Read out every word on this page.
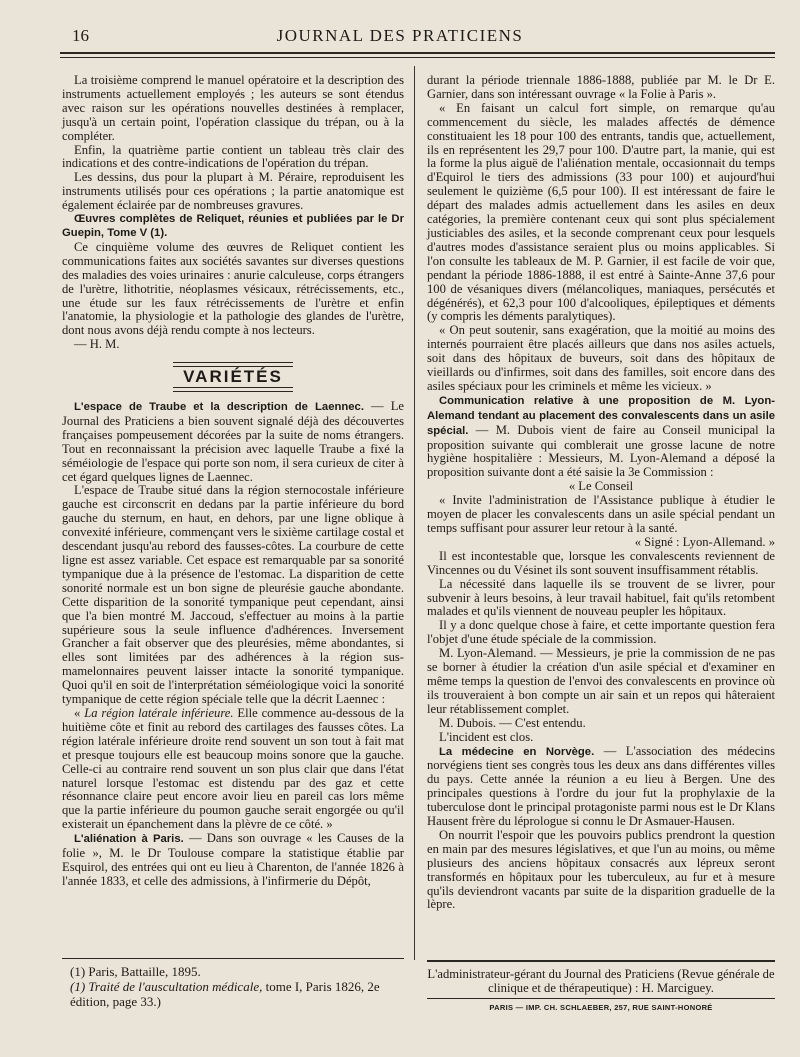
16	JOURNAL DES PRATICIENS

La troisième comprend le manuel opératoire et la description des instruments actuellement employés ; les auteurs se sont étendus avec raison sur les opérations nouvelles destinées à remplacer, jusqu'à un certain point, l'opération classique du trépan, ou à la compléter.

Enfin, la quatrième partie contient un tableau très clair des indications et des contre-indications de l'opération du trépan.

Les dessins, dus pour la plupart à M. Péraire, reproduisent les instruments utilisés pour ces opérations ; la partie anatomique est également éclairée par de nombreuses gravures.

Œuvres complètes de Reliquet, réunies et publiées par le Dr Guepin, Tome V (1).

Ce cinquième volume des œuvres de Reliquet contient les communications faites aux sociétés savantes sur diverses questions des maladies des voies urinaires : anurie calculeuse, corps étrangers de l'urètre, lithotritie, néoplasmes vésicaux, rétrécissements, etc., une étude sur les faux rétrécissements de l'urètre et enfin l'anatomie, la physiologie et la pathologie des glandes de l'urètre, dont nous avons déjà rendu compte à nos lecteurs.

— H. M.

VARIÉTÉS

L'espace de Traube et la description de Laennec. — Le Journal des Praticiens a bien souvent signalé déjà des découvertes françaises pompeusement décorées par la suite de noms étrangers. Tout en reconnaissant la précision avec laquelle Traube a fixé la séméiologie de l'espace qui porte son nom, il sera curieux de citer à cet égard quelques lignes de Laennec.

L'espace de Traube situé dans la région sternocostale inférieure gauche est circonscrit en dedans par la partie inférieure du bord gauche du sternum, en haut, en dehors, par une ligne oblique à convexité inférieure, commençant vers le sixième cartilage costal et descendant jusqu'au rebord des fausses-côtes. La courbure de cette ligne est assez variable. Cet espace est remarquable par sa sonorité tympanique due à la présence de l'estomac. La disparition de cette sonorité normale est un bon signe de pleurésie gauche abondante. Cette disparition de la sonorité tympanique peut cependant, ainsi que l'a bien montré M. Jaccoud, s'effectuer au moins à la partie supérieure sous la seule influence d'adhérences. Inversement Grancher a fait observer que des pleurésies, même abondantes, si elles sont limitées par des adhérences à la région sus-mamelonnaires peuvent laisser intacte la sonorité tympanique. Quoi qu'il en soit de l'interprétation séméiologique voici la sonorité tympanique de cette région spéciale telle que la décrit Laennec :

« La région latérale inférieure. Elle commence au-dessous de la huitième côte et finit au rebord des cartilages des fausses côtes. La région latérale inférieure droite rend souvent un son tout à fait mat et presque toujours elle est beaucoup moins sonore que la gauche. Celle-ci au contraire rend souvent un son plus clair que dans l'état naturel lorsque l'estomac est distendu par des gaz et cette résonnance claire peut encore avoir lieu en pareil cas lors même que la partie inférieure du poumon gauche serait engorgée ou qu'il existerait un épanchement dans la plèvre de ce côté. »

L'aliénation à Paris. — Dans son ouvrage « les Causes de la folie », M. le Dr Toulouse compare la statistique établie par Esquirol, des entrées qui ont eu lieu à Charenton, de l'année 1826 à l'année 1833, et celle des admissions, à l'infirmerie du Dépôt,

durant la période triennale 1886-1888, publiée par M. le Dr E. Garnier, dans son intéressant ouvrage « la Folie à Paris ».

« En faisant un calcul fort simple, on remarque qu'au commencement du siècle, les malades affectés de démence constituaient les 18 pour 100 des entrants, tandis que, actuellement, ils en représentent les 29,7 pour 100. D'autre part, la manie, qui est la forme la plus aiguë de l'aliénation mentale, occasionnait du temps d'Equirol le tiers des admissions (33 pour 100) et aujourd'hui seulement le quizième (6,5 pour 100). Il est intéressant de faire le départ des malades admis actuellement dans les asiles en deux catégories, la première contenant ceux qui sont plus spécialement justiciables des asiles, et la seconde comprenant ceux pour lesquels d'autres modes d'assistance seraient plus ou moins applicables. Si l'on consulte les tableaux de M. P. Garnier, il est facile de voir que, pendant la période 1886-1888, il est entré à Sainte-Anne 37,6 pour 100 de vésaniques divers (mélancoliques, maniaques, persécutés et dégénérés), et 62,3 pour 100 d'alcooliques, épileptiques et déments (y compris les déments paralytiques).

« On peut soutenir, sans exagération, que la moitié au moins des internés pourraient être placés ailleurs que dans nos asiles actuels, soit dans des hôpitaux de buveurs, soit dans des hôpitaux de vieillards ou d'infirmes, soit dans des familles, soit encore dans des asiles spéciaux pour les criminels et même les vicieux. »

Communication relative à une proposition de M. Lyon-Alemand tendant au placement des convalescents dans un asile spécial. — M. Dubois vient de faire au Conseil municipal la proposition suivante qui comblerait une grosse lacune de notre hygiène hospitalière : Messieurs, M. Lyon-Alemand a déposé la proposition suivante dont a été saisie la 3e Commission :

« Le Conseil

« Invite l'administration de l'Assistance publique à étudier le moyen de placer les convalescents dans un asile spécial pendant un temps suffisant pour assurer leur retour à la santé.

« Signé : Lyon-Allemand. »

Il est incontestable que, lorsque les convalescents reviennent de Vincennes ou du Vésinet ils sont souvent insuffisamment rétablis.

La nécessité dans laquelle ils se trouvent de se livrer, pour subvenir à leurs besoins, à leur travail habituel, fait qu'ils retombent malades et qu'ils viennent de nouveau peupler les hôpitaux.

Il y a donc quelque chose à faire, et cette importante question fera l'objet d'une étude spéciale de la commission.

M. Lyon-Alemand. — Messieurs, je prie la commission de ne pas se borner à étudier la création d'un asile spécial et d'examiner en même temps la question de l'envoi des convalescents en province où ils trouveraient à bon compte un air sain et un repos qui hâteraient leur rétablissement complet.

M. Dubois. — C'est entendu.

L'incident est clos.

La médecine en Norvège. — L'association des médecins norvégiens tient ses congrès tous les deux ans dans différentes villes du pays. Cette année la réunion a eu lieu à Bergen. Une des principales questions à l'ordre du jour fut la prophylaxie de la tuberculose dont le principal protagoniste parmi nous est le Dr Klans Hausent frère du léprologue si connu le Dr Asmauer-Hausen.

On nourrit l'espoir que les pouvoirs publics prendront la question en main par des mesures législatives, et que l'un au moins, ou même plusieurs des anciens hôpitaux consacrés aux lépreux seront transformés en hôpitaux pour les tuberculeux, au fur et à mesure qu'ils deviendront vacants par suite de la disparition graduelle de la lèpre.

(1) Paris, Battaille, 1895.
(1) Traité de l'auscultation médicale, tome I, Paris 1826, 2e édition, page 33.)
L'administrateur-gérant du Journal des Praticiens (Revue générale de clinique et de thérapeutique) : H. Marciguey.
PARIS — IMP. CH. SCHLAEBER, 257, RUE SAINT-HONORÉ
